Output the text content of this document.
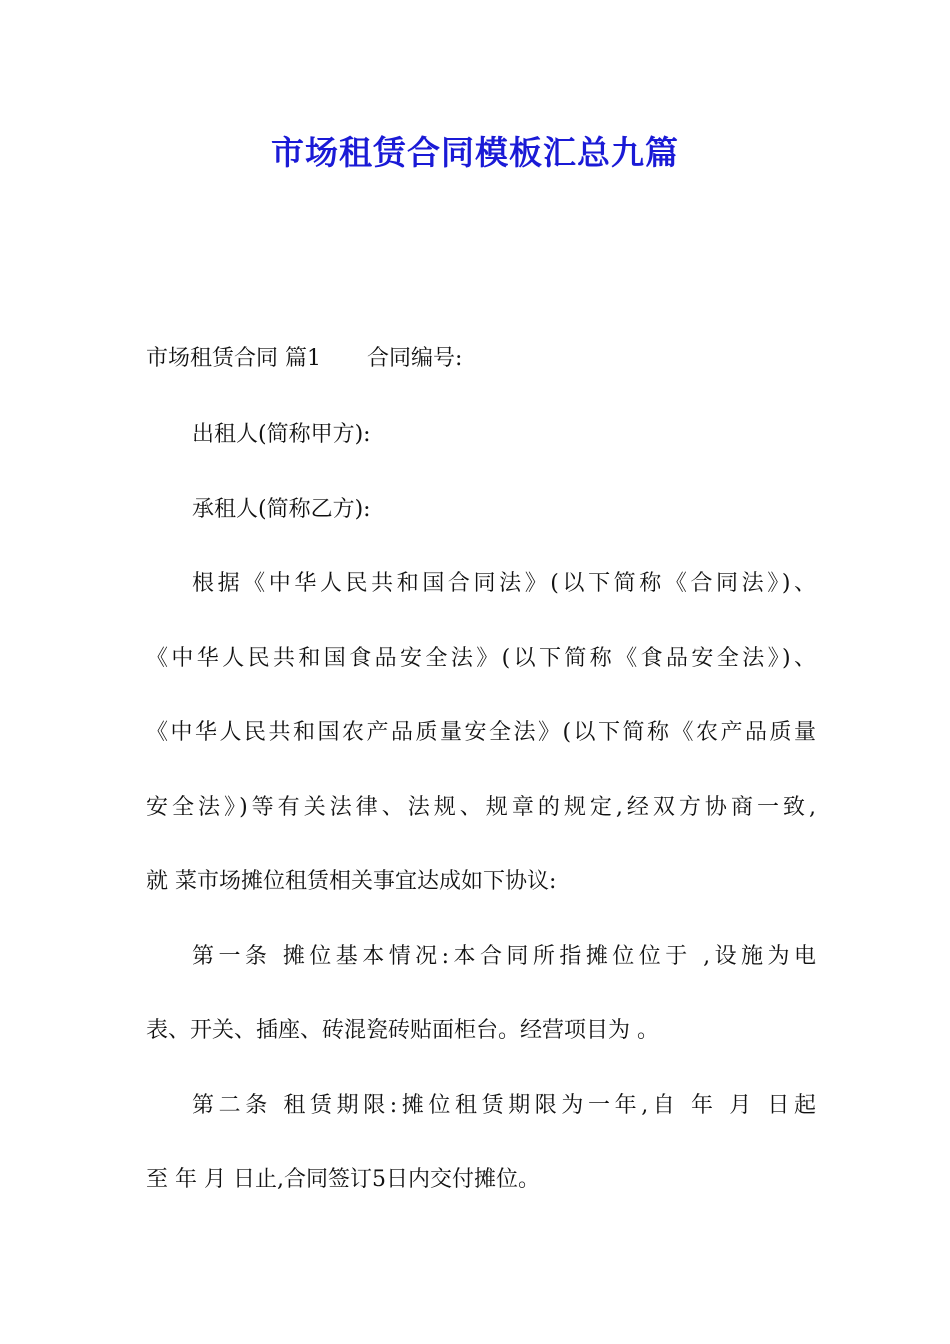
市场租赁合同模板汇总九篇
市场租赁合同 篇1 合同编号:
出租人(简称甲方):
承租人(简称乙方):
根据《中华人民共和国合同法》(以下简称《合同法》)、
《中华人民共和国食品安全法》(以下简称《食品安全法》)、
《中华人民共和国农产品质量安全法》(以下简称《农产品质量
安全法》)等有关法律、法规、规章的规定,经双方协商一致,
就 菜市场摊位租赁相关事宜达成如下协议:
第一条 摊位基本情况:本合同所指摊位位于 ,设施为电
表、开关、插座、砖混瓷砖贴面柜台。经营项目为 。
第二条 租赁期限:摊位租赁期限为一年,自 年 月 日起
至 年 月 日止,合同签订5日内交付摊位。
